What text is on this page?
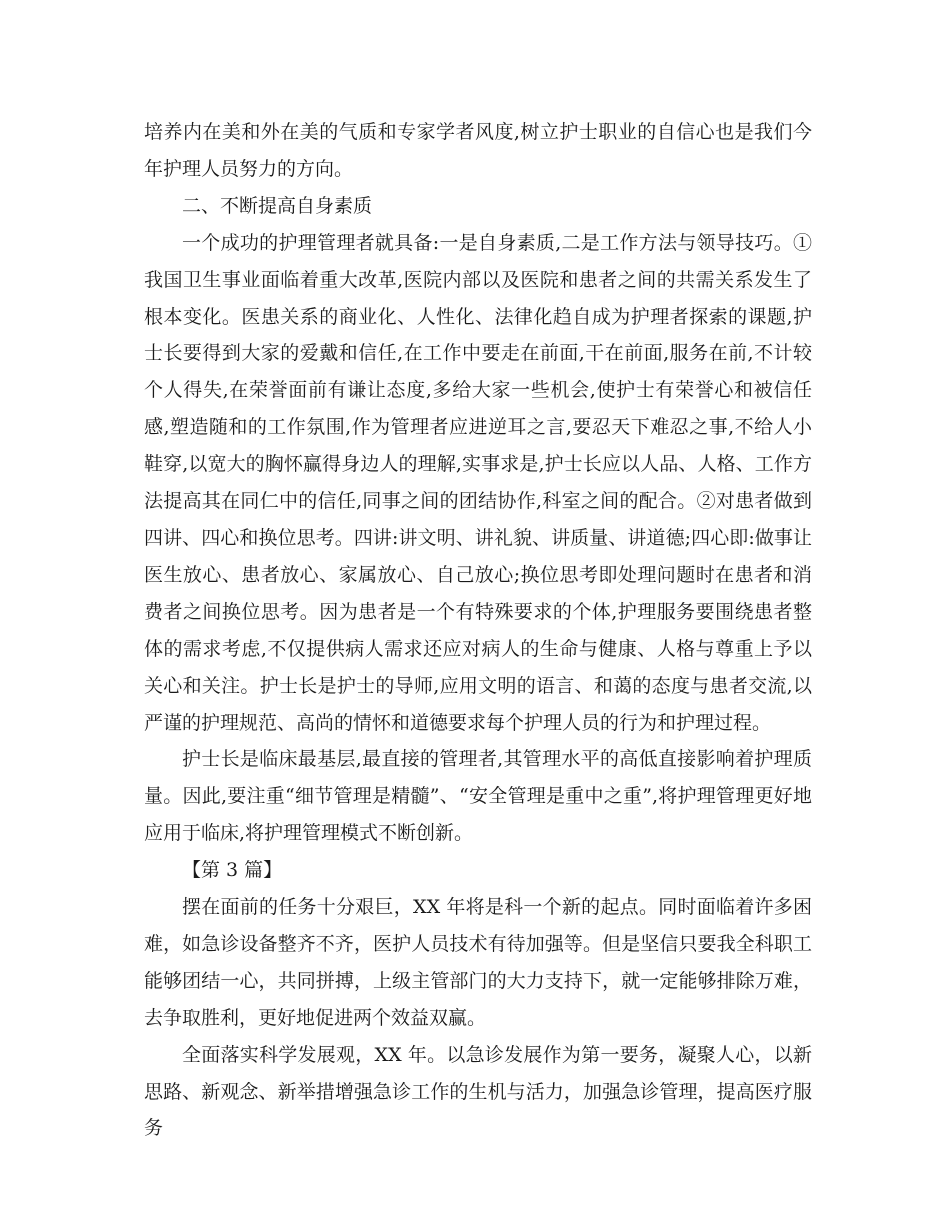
培养内在美和外在美的气质和专家学者风度,树立护士职业的自信心也是我们今年护理人员努力的方向。

二、不断提高自身素质

一个成功的护理管理者就具备:一是自身素质,二是工作方法与领导技巧。①我国卫生事业面临着重大改革,医院内部以及医院和患者之间的共需关系发生了根本变化。医患关系的商业化、人性化、法律化趋自成为护理者探索的课题,护士长要得到大家的爱戴和信任,在工作中要走在前面,干在前面,服务在前,不计较个人得失,在荣誉面前有谦让态度,多给大家一些机会,使护士有荣誉心和被信任感,塑造随和的工作氛围,作为管理者应进逆耳之言,要忍天下难忍之事,不给人小鞋穿,以宽大的胸怀赢得身边人的理解,实事求是,护士长应以人品、人格、工作方法提高其在同仁中的信任,同事之间的团结协作,科室之间的配合。②对患者做到四讲、四心和换位思考。四讲:讲文明、讲礼貌、讲质量、讲道德;四心即:做事让医生放心、患者放心、家属放心、自己放心;换位思考即处理问题时在患者和消费者之间换位思考。因为患者是一个有特殊要求的个体,护理服务要围绕患者整体的需求考虑,不仅提供病人需求还应对病人的生命与健康、人格与尊重上予以关心和关注。护士长是护士的导师,应用文明的语言、和蔼的态度与患者交流,以严谨的护理规范、高尚的情怀和道德要求每个护理人员的行为和护理过程。

护士长是临床最基层,最直接的管理者,其管理水平的高低直接影响着护理质量。因此,要注重“细节管理是精髓”、“安全管理是重中之重”,将护理管理更好地应用于临床,将护理管理模式不断创新。

【第 3 篇】

摆在面前的任务十分艰巨，XX 年将是科一个新的起点。同时面临着许多困难，如急诊设备整齐不齐，医护人员技术有待加强等。但是坚信只要我全科职工能够团结一心，共同拼搏，上级主管部门的大力支持下，就一定能够排除万难，去争取胜利，更好地促进两个效益双赢。

全面落实科学发展观，XX 年。以急诊发展作为第一要务，凝聚人心，以新思路、新观念、新举措增强急诊工作的生机与活力，加强急诊管理，提高医疗服务
